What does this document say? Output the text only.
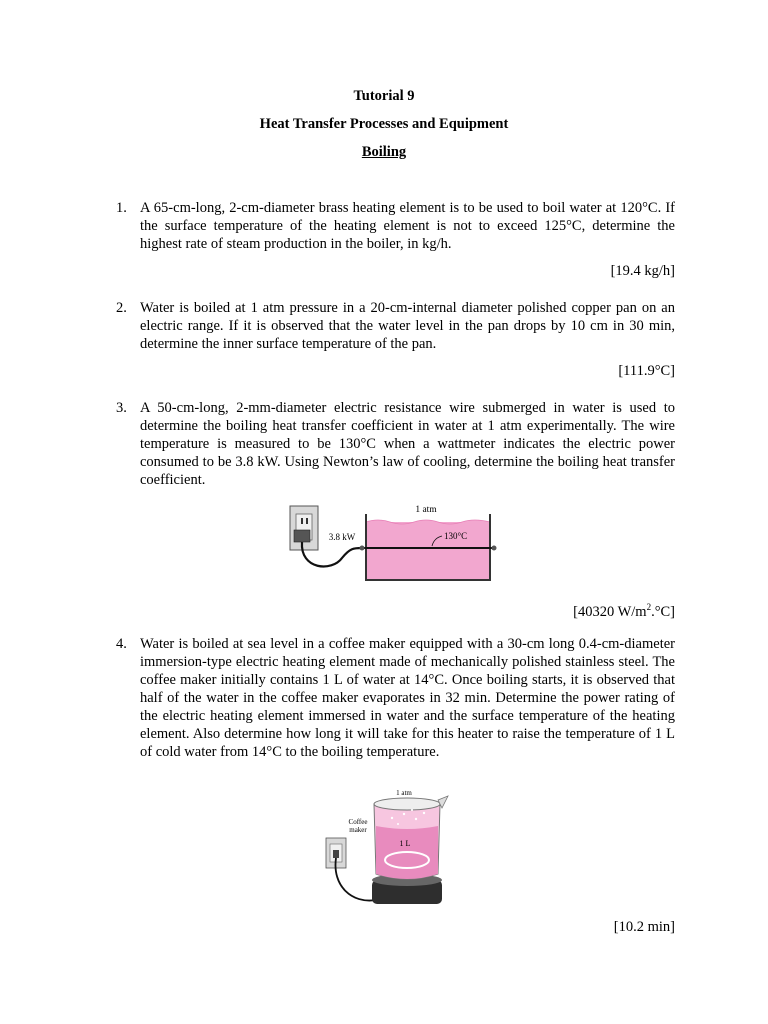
Tutorial 9
Heat Transfer Processes and Equipment
Boiling
1. A 65-cm-long, 2-cm-diameter brass heating element is to be used to boil water at 120°C. If the surface temperature of the heating element is not to exceed 125°C, determine the highest rate of steam production in the boiler, in kg/h.
[19.4 kg/h]
2. Water is boiled at 1 atm pressure in a 20-cm-internal diameter polished copper pan on an electric range. If it is observed that the water level in the pan drops by 10 cm in 30 min, determine the inner surface temperature of the pan.
[111.9°C]
3. A 50-cm-long, 2-mm-diameter electric resistance wire submerged in water is used to determine the boiling heat transfer coefficient in water at 1 atm experimentally. The wire temperature is measured to be 130°C when a wattmeter indicates the electric power consumed to be 3.8 kW. Using Newton’s law of cooling, determine the boiling heat transfer coefficient.
1 atm
3.8 kW	130°C
[40320 $W/m^2.^\circ C$]
4. Water is boiled at sea level in a coffee maker equipped with a 30-cm long 0.4-cm-diameter immersion-type electric heating element made of mechanically polished stainless steel. The coffee maker initially contains 1 L of water at 14°C. Once boiling starts, it is observed that half of the water in the coffee maker evaporates in 32 min. Determine the power rating of the electric heating element immersed in water and the surface temperature of the heating element. Also determine how long it will take for this heater to raise the temperature of 1 L of cold water from 14°C to the boiling temperature.
1 atm
Coffee
maker
1 L
[10.2 min]
